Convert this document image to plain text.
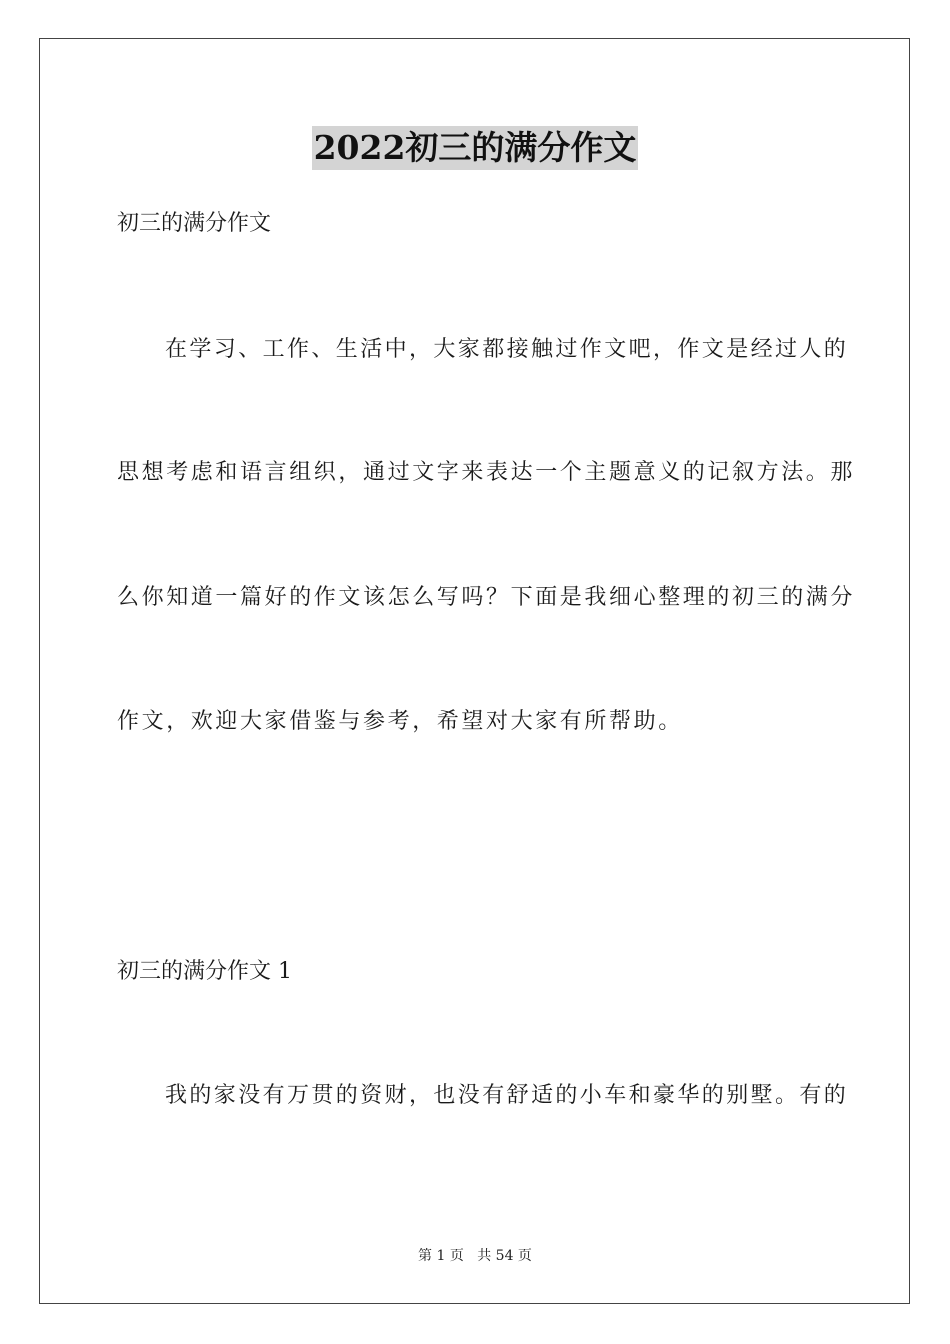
2022初三的满分作文
初三的满分作文
在学习、工作、生活中，大家都接触过作文吧，作文是经过人的
思想考虑和语言组织，通过文字来表达一个主题意义的记叙方法。那
么你知道一篇好的作文该怎么写吗？下面是我细心整理的初三的满分
作文，欢迎大家借鉴与参考，希望对大家有所帮助。
初三的满分作文 1
我的家没有万贯的资财，也没有舒适的小车和豪华的别墅。有的
第 1 页 共 54 页
